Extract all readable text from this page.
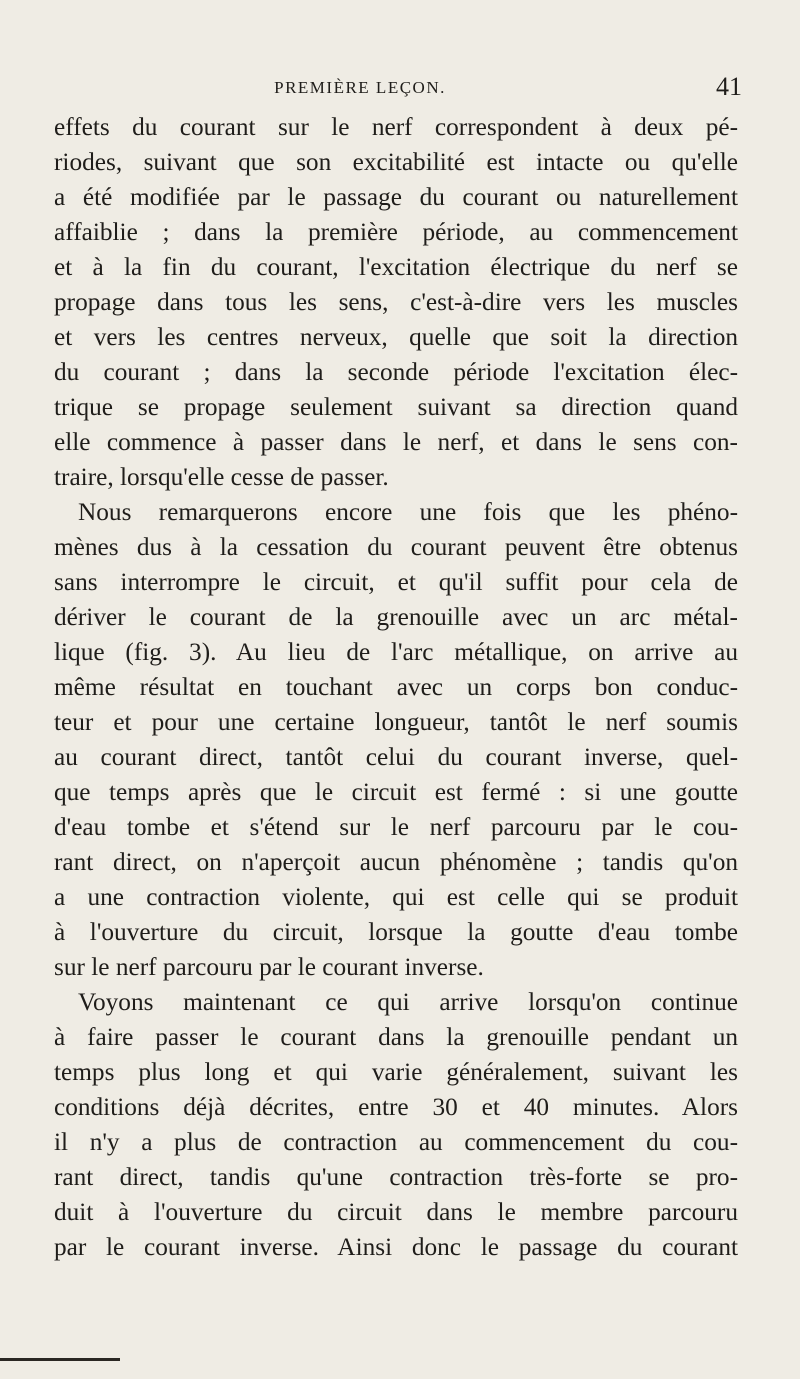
PREMIÈRE LEÇON.	41
effets du courant sur le nerf correspondent à deux pé-
riodes, suivant que son excitabilité est intacte ou qu'elle
a été modifiée par le passage du courant ou naturellement
affaiblie ; dans la première période, au commencement
et à la fin du courant, l'excitation électrique du nerf se
propage dans tous les sens, c'est-à-dire vers les muscles
et vers les centres nerveux, quelle que soit la direction
du courant ; dans la seconde période l'excitation élec-
trique se propage seulement suivant sa direction quand
elle commence à passer dans le nerf, et dans le sens con-
traire, lorsqu'elle cesse de passer.
Nous remarquerons encore une fois que les phéno-
mènes dus à la cessation du courant peuvent être obtenus
sans interrompre le circuit, et qu'il suffit pour cela de
dériver le courant de la grenouille avec un arc métal-
lique (fig. 3). Au lieu de l'arc métallique, on arrive au
même résultat en touchant avec un corps bon conduc-
teur et pour une certaine longueur, tantôt le nerf soumis
au courant direct, tantôt celui du courant inverse, quel-
que temps après que le circuit est fermé : si une goutte
d'eau tombe et s'étend sur le nerf parcouru par le cou-
rant direct, on n'aperçoit aucun phénomène ; tandis qu'on
a une contraction violente, qui est celle qui se produit
à l'ouverture du circuit, lorsque la goutte d'eau tombe
sur le nerf parcouru par le courant inverse.
Voyons maintenant ce qui arrive lorsqu'on continue
à faire passer le courant dans la grenouille pendant un
temps plus long et qui varie généralement, suivant les
conditions déjà décrites, entre 30 et 40 minutes. Alors
il n'y a plus de contraction au commencement du cou-
rant direct, tandis qu'une contraction très-forte se pro-
duit à l'ouverture du circuit dans le membre parcouru
par le courant inverse. Ainsi donc le passage du courant
